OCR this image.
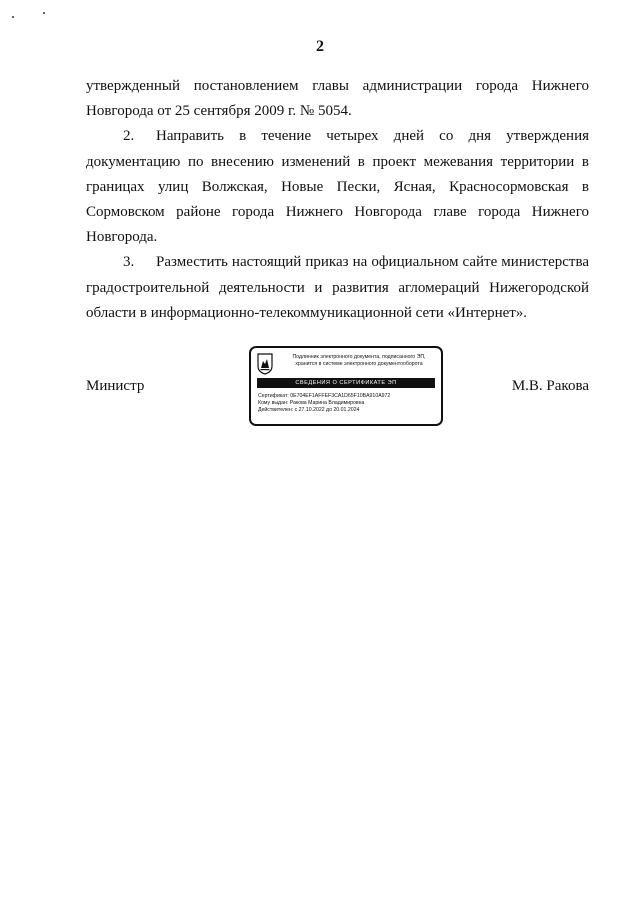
2

утвержденный постановлением главы администрации города Нижнего Новгорода от 25 сентября 2009 г. № 5054.

2. Направить в течение четырех дней со дня утверждения документацию по внесению изменений в проект межевания территории в границах улиц Волжская, Новые Пески, Ясная, Красносормовская в Сормовском районе города Нижнего Новгорода главе города Нижнего Новгорода.

3. Разместить настоящий приказ на официальном сайте министерства градостроительной деятельности и развития агломераций Нижегородской области в информационно-телекоммуникационной сети «Интернет».

Министр
Подлинник электронного документа, подписанного ЭП,
хранится в системе электронного документооборота
СВЕДЕНИЯ О СЕРТИФИКАТЕ ЭП
Сертификат: 0E704EF1AFFEF3CA1D65F10BA910A972
Кому выдан: Ракова Марина Владимировна
Действителен: с 27.10.2022 до 20.01.2024
М.В. Ракова
